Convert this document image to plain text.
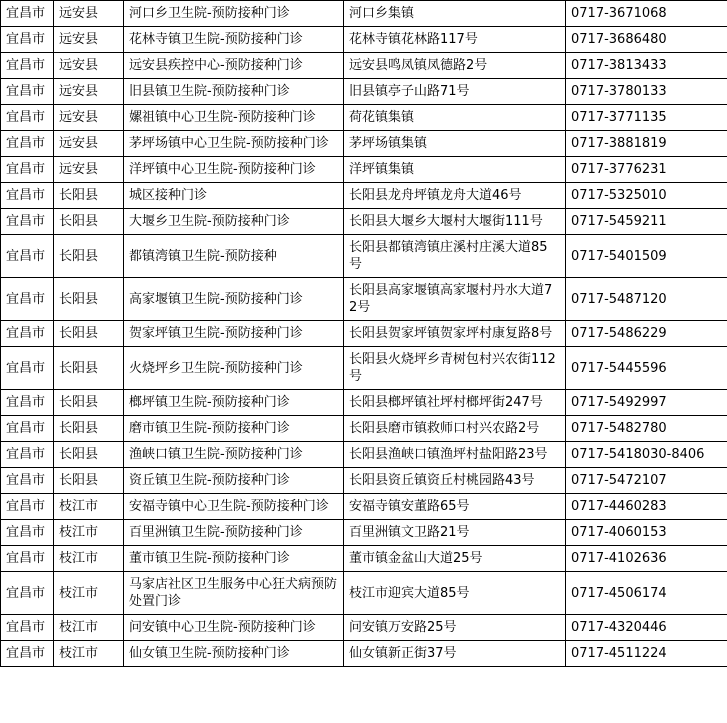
宜昌市	远安县	河口乡卫生院-预防接种门诊	河口乡集镇	0717-3671068
宜昌市	远安县	花林寺镇卫生院-预防接种门诊	花林寺镇花林路117号	0717-3686480
宜昌市	远安县	远安县疾控中心-预防接种门诊	远安县鸣凤镇凤德路2号	0717-3813433
宜昌市	远安县	旧县镇卫生院-预防接种门诊	旧县镇亭子山路71号	0717-3780133
宜昌市	远安县	嫘祖镇中心卫生院-预防接种门诊	荷花镇集镇	0717-3771135
宜昌市	远安县	茅坪场镇中心卫生院-预防接种门诊	茅坪场镇集镇	0717-3881819
宜昌市	远安县	洋坪镇中心卫生院-预防接种门诊	洋坪镇集镇	0717-3776231
宜昌市	长阳县	城区接种门诊	长阳县龙舟坪镇龙舟大道46号	0717-5325010
宜昌市	长阳县	大堰乡卫生院-预防接种门诊	长阳县大堰乡大堰村大堰街111号	0717-5459211
宜昌市	长阳县	都镇湾镇卫生院-预防接种	长阳县都镇湾镇庄溪村庄溪大道85号	0717-5401509
宜昌市	长阳县	高家堰镇卫生院-预防接种门诊	长阳县高家堰镇高家堰村丹水大道72号	0717-5487120
宜昌市	长阳县	贺家坪镇卫生院-预防接种门诊	长阳县贺家坪镇贺家坪村康复路8号	0717-5486229
宜昌市	长阳县	火烧坪乡卫生院-预防接种门诊	长阳县火烧坪乡青树包村兴农街112号	0717-5445596
宜昌市	长阳县	榔坪镇卫生院-预防接种门诊	长阳县榔坪镇社坪村榔坪街247号	0717-5492997
宜昌市	长阳县	磨市镇卫生院-预防接种门诊	长阳县磨市镇救师口村兴农路2号	0717-5482780
宜昌市	长阳县	渔峡口镇卫生院-预防接种门诊	长阳县渔峡口镇渔坪村盐阳路23号	0717-5418030-8406
宜昌市	长阳县	资丘镇卫生院-预防接种门诊	长阳县资丘镇资丘村桃园路43号	0717-5472107
宜昌市	枝江市	安福寺镇中心卫生院-预防接种门诊	安福寺镇安董路65号	0717-4460283
宜昌市	枝江市	百里洲镇卫生院-预防接种门诊	百里洲镇文卫路21号	0717-4060153
宜昌市	枝江市	董市镇卫生院-预防接种门诊	董市镇金盆山大道25号	0717-4102636
宜昌市	枝江市	马家店社区卫生服务中心狂犬病预防处置门诊	枝江市迎宾大道85号	0717-4506174
宜昌市	枝江市	问安镇中心卫生院-预防接种门诊	问安镇万安路25号	0717-4320446
宜昌市	枝江市	仙女镇卫生院-预防接种门诊	仙女镇新正街37号	0717-4511224
